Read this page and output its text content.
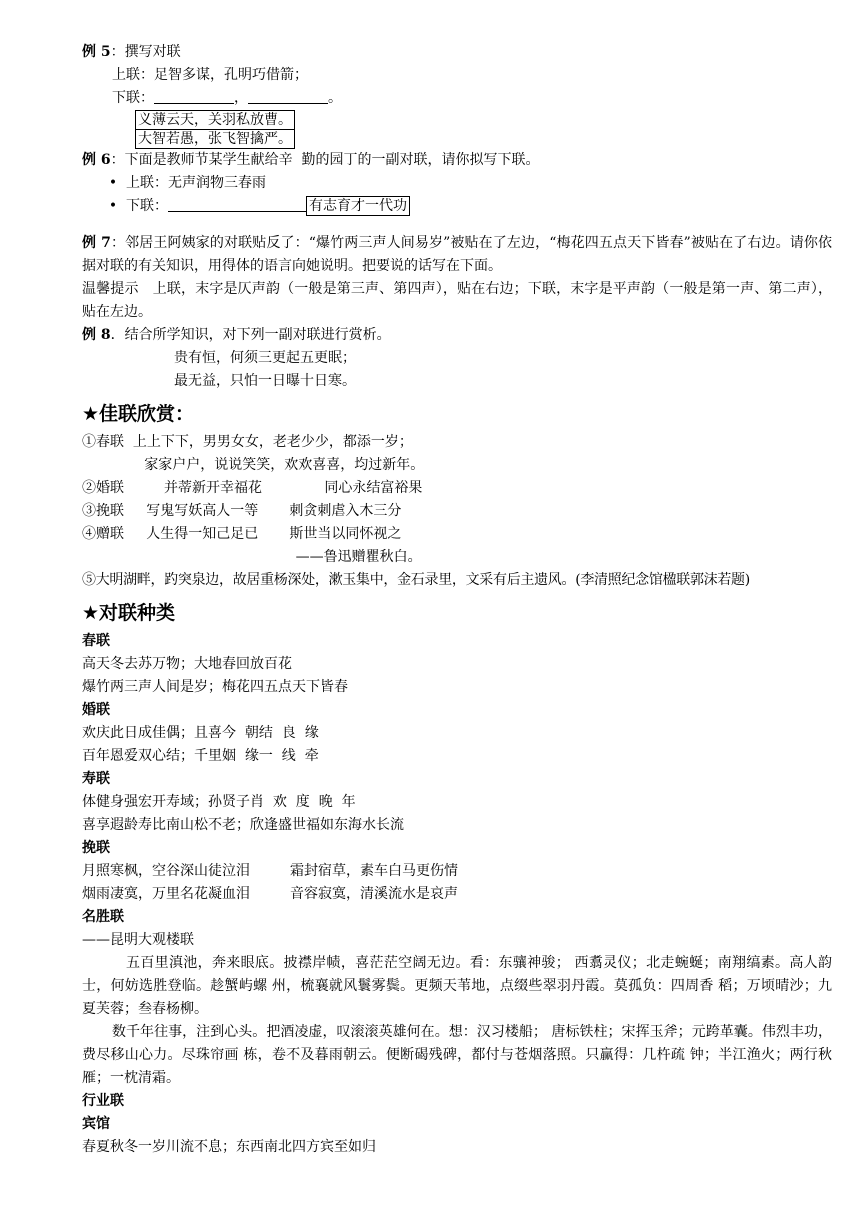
例 5：撰写对联
上联：足智多谋，孔明巧借箭；
下联：	，	。
义薄云天，关羽私放曹。
大智若愚，张飞智擒严。
例 6：下面是教师节某学生献给辛  勤的园丁的一副对联，请你拟写下联。
• 上联：无声润物三春雨
• 下联：	有志育才一代功
例 7：邻居王阿姨家的对联贴反了：“爆竹两三声人间易岁”被贴在了左边，“梅花四五点天下皆春”被贴在了右边。请你依据对联的有关知识，用得体的语言向她说明。把要说的话写在下面。
温馨提示　上联，末字是仄声韵（一般是第三声、第四声），贴在右边；下联，末字是平声韵（一般是第一声、第二声），贴在左边。
例 8．结合所学知识，对下列一副对联进行赏析。
贵有恒，何须三更起五更眠；
最无益，只怕一日曝十日寒。
★佳联欣赏：
①春联  上上下下，男男女女，老老少少，都添一岁；
家家户户，说说笑笑，欢欢喜喜，均过新年。
②婚联         并蒂新开幸福花              同心永结富裕果
③挽联     写鬼写妖高人一等       刺贪刺虐入木三分
④赠联     人生得一知己足已       斯世当以同怀视之
——鲁迅赠瞿秋白。
⑤大明湖畔，趵突泉边，故居重杨深处，漱玉集中，金石录里，文采有后主遗风。(李清照纪念馆楹联郭沫若题)
★对联种类
春联
高天冬去苏万物；大地春回放百花
爆竹两三声人间是岁；梅花四五点天下皆春
婚联
欢庆此日成佳偶；且喜今  朝结  良  缘
百年恩爱双心结；千里姻  缘一  线  牵
寿联
体健身强宏开寿域；孙贤子肖  欢  度  晚  年
喜享遐龄寿比南山松不老；欣逢盛世福如东海水长流
挽联
月照寒枫，空谷深山徒泣泪         霜封宿草，素车白马更伤情
烟雨凄寞，万里名花凝血泪         音容寂寞，清溪流水是哀声
名胜联
——昆明大观楼联
五百里滇池，奔来眼底。披襟岸帻，喜茫茫空阔无边。看：东骧神骏； 西翥灵仪；北走蜿蜒；南翔缟素。高人韵士，何妨选胜登临。趁蟹屿螺 州，梳襄就风鬟雾鬓。更频天苇地，点缀些翠羽丹霞。莫孤负：四周香 稻；万顷晴沙；九夏芙蓉；叁春杨柳。
数千年往事，注到心头。把酒凌虚，叹滚滚英雄何在。想：汉习楼船； 唐标铁柱；宋挥玉斧；元跨革囊。伟烈丰功，费尽移山心力。尽珠帘画 栋，卷不及暮雨朝云。便断碣残碑，都付与苍烟落照。只赢得：几杵疏 钟；半江渔火；两行秋雁；一枕清霜。
行业联
宾馆
春夏秋冬一岁川流不息；东西南北四方宾至如归
